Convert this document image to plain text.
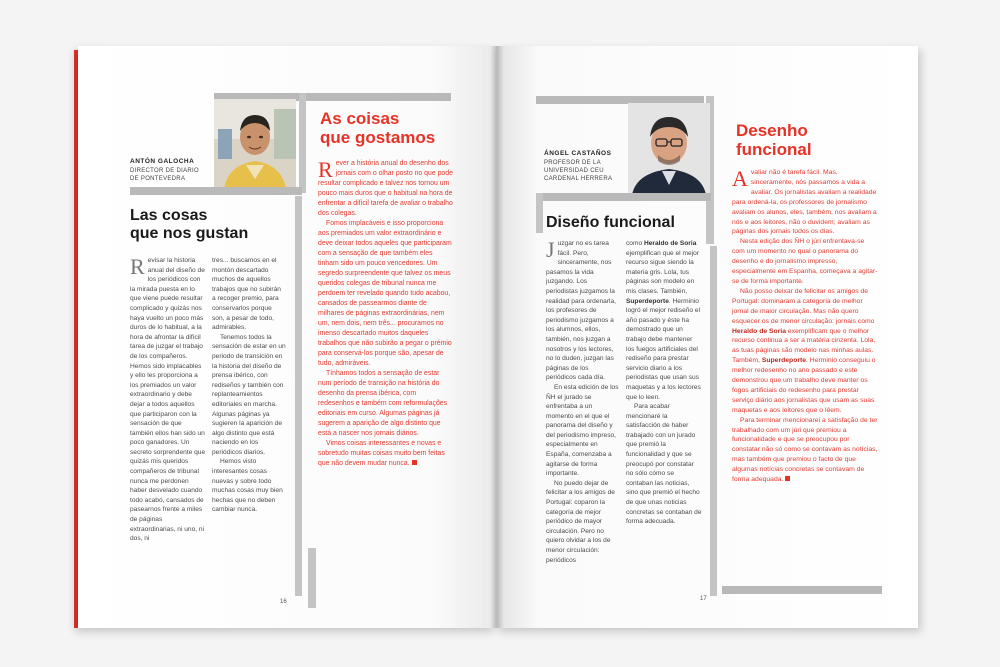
ANTÓN GALOCHA
DIRECTOR DE DIARIO
DE PONTEVEDRA
Las cosas
que nos gustan
As coisas
que gostamos
Revisar la historia anual del diseño de los periódicos con la mirada puesta en lo que viene puede resultar complicado y quizás nos haya vuelto un poco más duros de lo habitual, a la hora de afrontar la difícil tarea de juzgar el trabajo de los compañeros. Hemos sido implacables y ello les proporciona a los premiados un valor extraordinario y debe dejar a todos aquellos que participaron con la sensación de que también ellos han sido un poco ganadores. Un secreto sorprendente que quizás mis queridos compañeros de tribunal nunca me perdonen haber desvelado cuando todo acabó, cansados de pasearnos frente a miles de páginas extraordinarias, ni uno, ni dos, ni

tres... buscamos en el montón descartado muchos de aquellos trabajos que no subirán a recoger premio, para conservarlos porque son, a pesar de todo, admirables.

Tenemos todos la sensación de estar en un periodo de transición en la historia del diseño de prensa ibérico, con rediseños y también con replanteamientos editoriales en marcha. Algunas páginas ya sugieren la aparición de algo distinto que está naciendo en los periódicos diarios.

Hemos visto interesantes cosas nuevas y sobre todo muchas cosas muy bien hechas que no deben cambiar nunca.

Rever a história anual do desenho dos jornais com o olhar posto no que pode resultar complicado e talvez nos tornou um pouco mais duros que o habitual na hora de enfrentar a difícil tarefa de avaliar o trabalho dos colegas.

Fomos implacáveis e isso proporciona aos premiados um valor extraordinário e deve deixar todos aqueles que participaram com a sensação de que também eles tinham sido um pouco vencedores. Um segredo surpreendente que talvez os meus queridos colegas de tribunal nunca me perdoem ter revelado quando tudo acabou, cansados de passearmos diante de milhares de páginas extraordinárias, nem um, nem dois, nem três... procuramos no imenso descartado muitos daqueles trabalhos que não subirão a pegar o prémio para conservá-los porque são, apesar de tudo, admiráveis.

Tínhamos todos a sensação de estar num período de transição na história do desenho da prensa ibérica, com redesenhos e também com reformulações editoriais em curso. Algumas páginas já sugerem a aparição de algo distinto que está a nascer nos jornais diários.

Vimos coisas interessantes e novas e sobretudo muitas coisas muito bem feitas que não devem mudar nunca.

16
ÁNGEL CASTAÑOS
PROFESOR DE LA
UNIVERSIDAD CEU
CARDENAL HERRERA
Diseño funcional
Desenho
funcional
Juzgar no es tarea fácil. Pero, sinceramente, nos pasamos la vida juzgando. Los periodistas juzgamos la realidad para ordenarla, los profesores de periodismo juzgamos a los alumnos, ellos, también, nos juzgan a nosotros y los lectores, no lo duden, juzgan las páginas de los periódicos cada día.

En esta edición de los ÑH el jurado se enfrentaba a un momento en el que el panorama del diseño y del periodismo impreso, especialmente en España, comenzaba a agitarse de forma importante.

No puedo dejar de felicitar a los amigos de Portugal: coparon la categoría de mejor periódico de mayor circulación. Pero no quiero olvidar a los de menor circulación: periódicos

como Heraldo de Soria ejemplifican que el mejor recurso sigue siendo la materia gris. Lola, tus páginas son modelo en mis clases. También, Superdeporte. Herminio logró el mejor rediseño el año pasado y éste ha demostrado que un trabajo debe mantener los fuegos artificiales del rediseño para prestar servicio diario a los periodistas que usan sus maquetas y a los lectores que lo leen.

Para acabar mencionaré la satisfacción de haber trabajado con un jurado que premió la funcionalidad y que se preocupó por constatar no sólo cómo se contaban las noticias, sino que premió el hecho de que unas noticias concretas se contaban de forma adecuada.

Avaliar não é tarefa fácil. Mas, sinceramente, nós passamos a vida a avaliar. Os jornalistas avaliam a realidade para ordená-la, os professores de jornalismo avaliam os alunos, eles, também, nos avaliam a nós e aos leitores, não o duvidem; avaliam as páginas dos jornais todos os dias.

Nesta edição dos ÑH o júri enfrentava-se com um momento no qual o panorama do desenho e do jornalismo impresso, especialmente em Espanha, começava a agitar-se de forma importante.

Não posso deixar de felicitar os amigos de Portugal: dominaram a categoria de melhor jornal de maior circulação. Mas não quero esquecer os de menor circulação: jornais como Heraldo de Soria exemplificam que o melhor recurso continua a ser a matéria cinzenta. Lola, as tuas páginas são modelo nas minhas aulas. Também, Superdeporte. Herminio conseguiu o melhor redesenho no ano passado e este demonstrou que um trabalho deve manter os fogos artificiais do redesenho para prestar serviço diário aos jornalistas que usam as suas maquetas e aos leitores que o lêem.

Para terminar mencionarei a satisfação de ter trabalhado com um júri que premiou a funcionalidade e que se preocupou por constatar não só como se contavam as notícias, mas também que premiou o facto de que algumas notícias concretas se contavam de forma adequada.

17
